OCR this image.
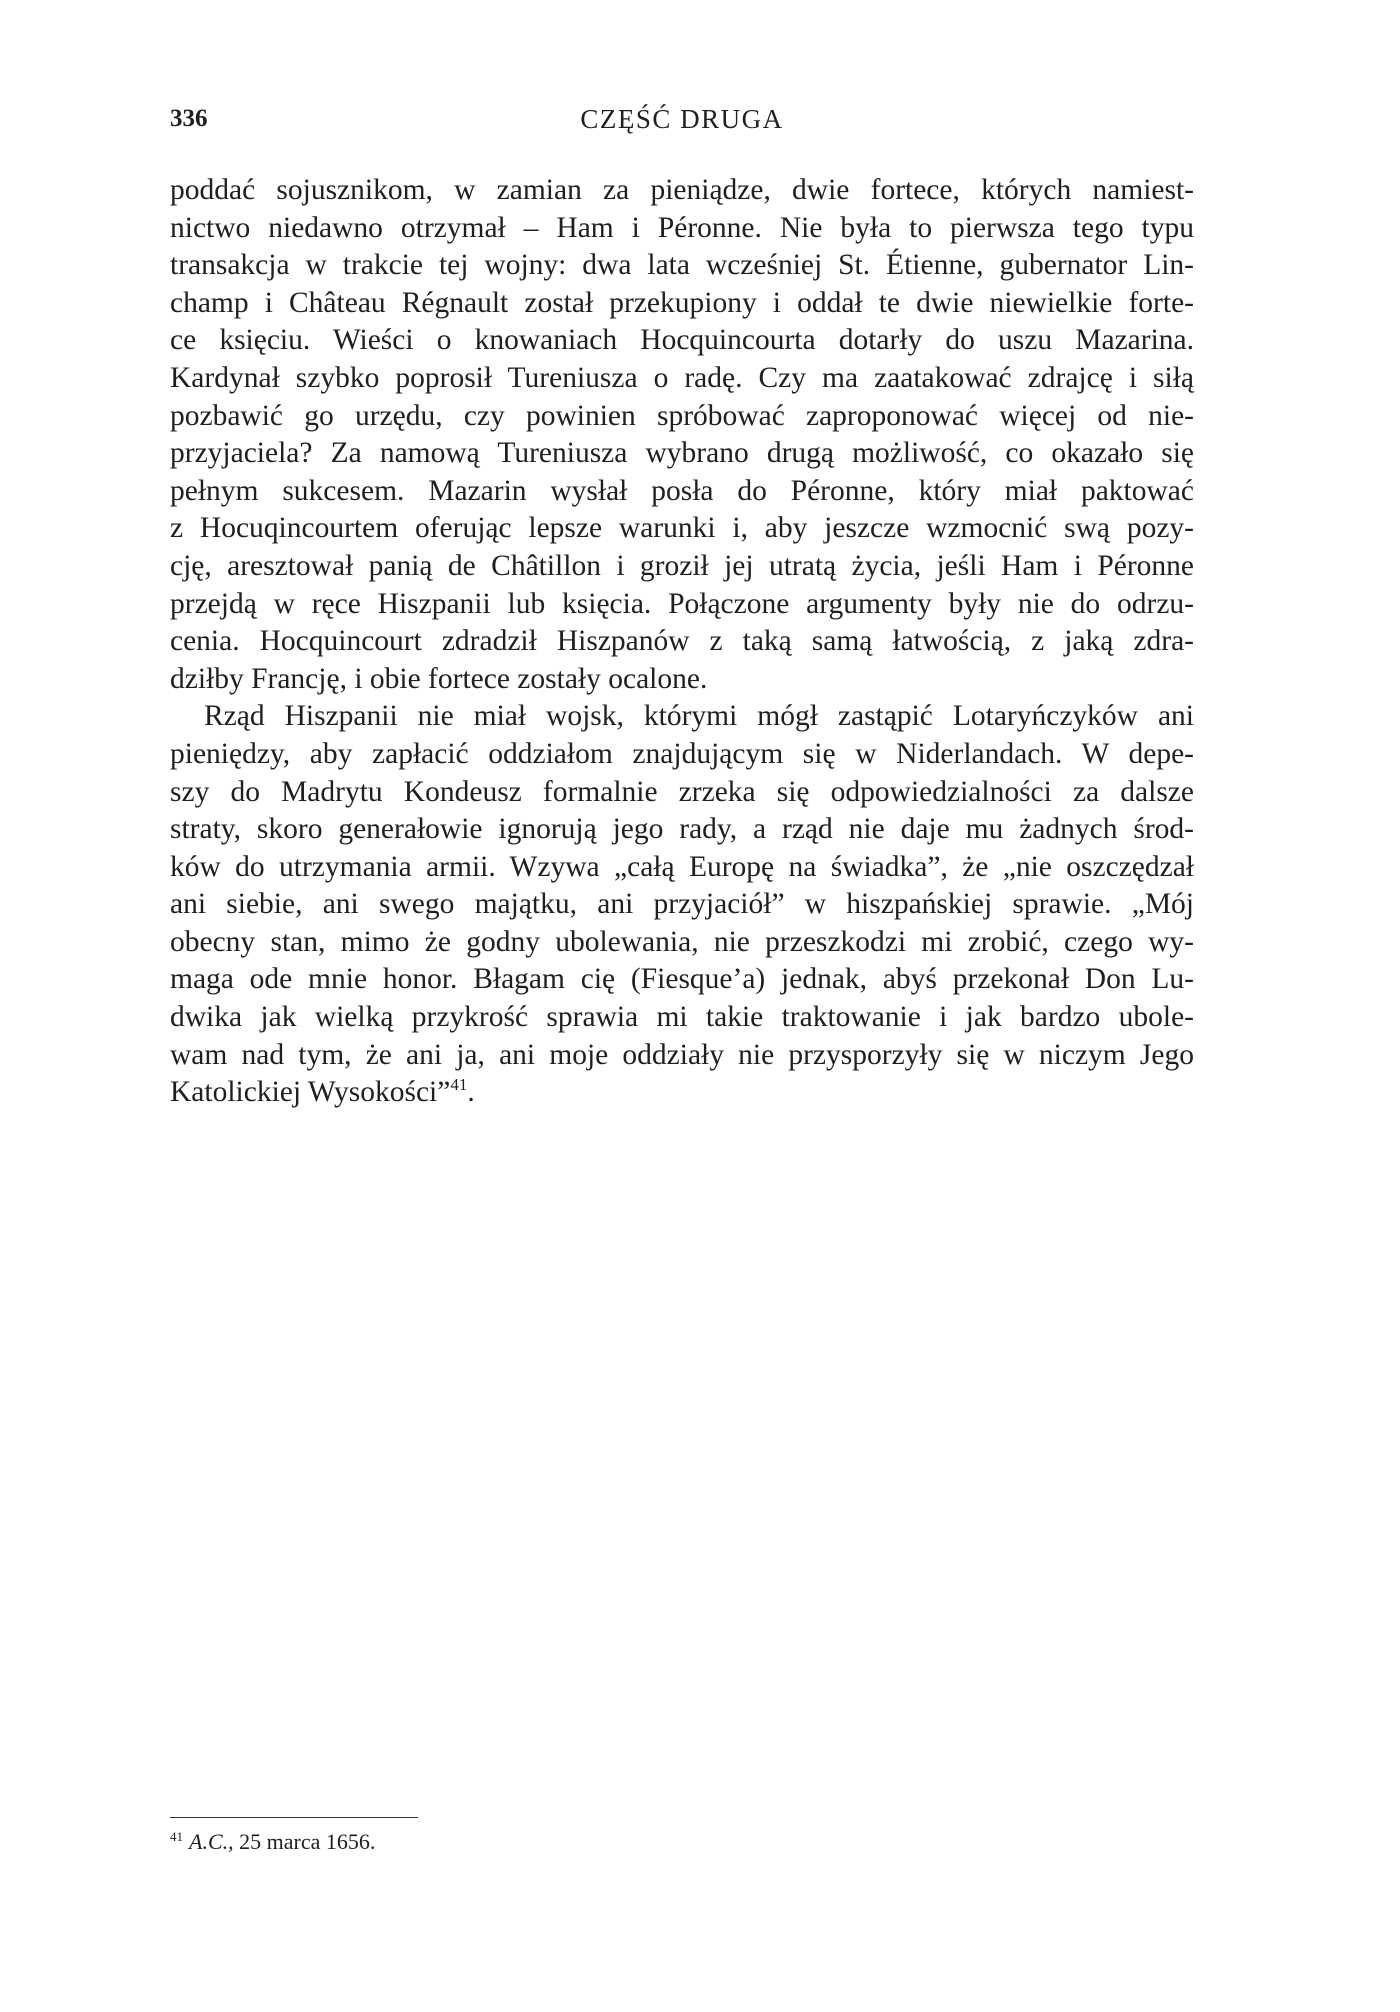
336	CZĘŚĆ DRUGA
poddać sojusznikom, w zamian za pieniądze, dwie fortece, których namiest-
nictwo niedawno otrzymał – Ham i Péronne. Nie była to pierwsza tego typu
transakcja w trakcie tej wojny: dwa lata wcześniej St. Étienne, gubernator Lin-
champ i Château Régnault został przekupiony i oddał te dwie niewielkie forte-
ce księciu. Wieści o knowaniach Hocquincourta dotarły do uszu Mazarina.
Kardynał szybko poprosił Tureniusza o radę. Czy ma zaatakować zdrajcę i siłą
pozbawić go urzędu, czy powinien spróbować zaproponować więcej od nie-
przyjaciela? Za namową Tureniusza wybrano drugą możliwość, co okazało się
pełnym sukcesem. Mazarin wysłał posła do Péronne, który miał paktować
z Hocuqincourtem oferując lepsze warunki i, aby jeszcze wzmocnić swą pozy-
cję, aresztował panią de Châtillon i groził jej utratą życia, jeśli Ham i Péronne
przejdą w ręce Hiszpanii lub księcia. Połączone argumenty były nie do odrzu-
cenia. Hocquincourt zdradził Hiszpanów z taką samą łatwością, z jaką zdra-
dziłby Francję, i obie fortece zostały ocalone.
Rząd Hiszpanii nie miał wojsk, którymi mógł zastąpić Lotaryńczyków ani
pieniędzy, aby zapłacić oddziałom znajdującym się w Niderlandach. W depe-
szy do Madrytu Kondeusz formalnie zrzeka się odpowiedzialności za dalsze
straty, skoro generałowie ignorują jego rady, a rząd nie daje mu żadnych środ-
ków do utrzymania armii. Wzywa „całą Europę na świadka”, że „nie oszczędzał
ani siebie, ani swego majątku, ani przyjaciół” w hiszpańskiej sprawie. „Mój
obecny stan, mimo że godny ubolewania, nie przeszkodzi mi zrobić, czego wy-
maga ode mnie honor. Błagam cię (Fiesque’a) jednak, abyś przekonał Don Lu-
dwika jak wielką przykrość sprawia mi takie traktowanie i jak bardzo ubole-
wam nad tym, że ani ja, ani moje oddziały nie przysporzyły się w niczym Jego
Katolickiej Wysokości”$^{41}$.
$^{41}$ A.C., 25 marca 1656.
